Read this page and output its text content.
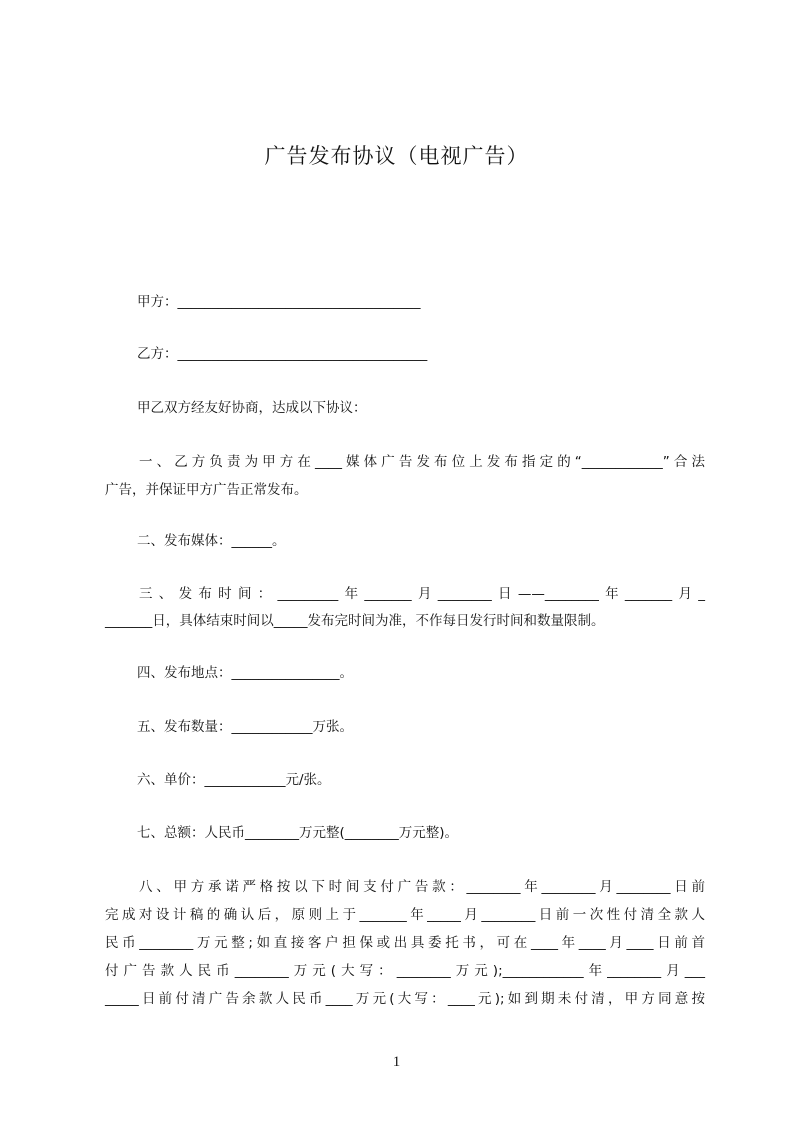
广告发布协议（电视广告）
甲方：____________________________________
乙方：_____________________________________
甲乙双方经友好协商，达成以下协议：
一、乙方负责为甲方在____媒体广告发布位上发布指定的“____________”合法
广告，并保证甲方广告正常发布。
二、发布媒体：______。
三、发布时间：_________年_______月________日——________年_______月_
_______日，具体结束时间以_____发布完时间为准，不作每日发行时间和数量限制。
四、发布地点：________________。
五、发布数量：____________万张。
六、单价：____________元/张。
七、总额：人民币________万元整(________万元整)。
八、甲方承诺严格按以下时间支付广告款：________年________月________日前
完成对设计稿的确认后，原则上于_______年_____月________日前一次性付清全款人
民币________万元整;如直接客户担保或出具委托书，可在____年____月____日前首
付广告款人民币________万元(大写：________万元);____________年________月___
_____日前付清广告余款人民币____万元(大写：____元);如到期未付清，甲方同意按
1
